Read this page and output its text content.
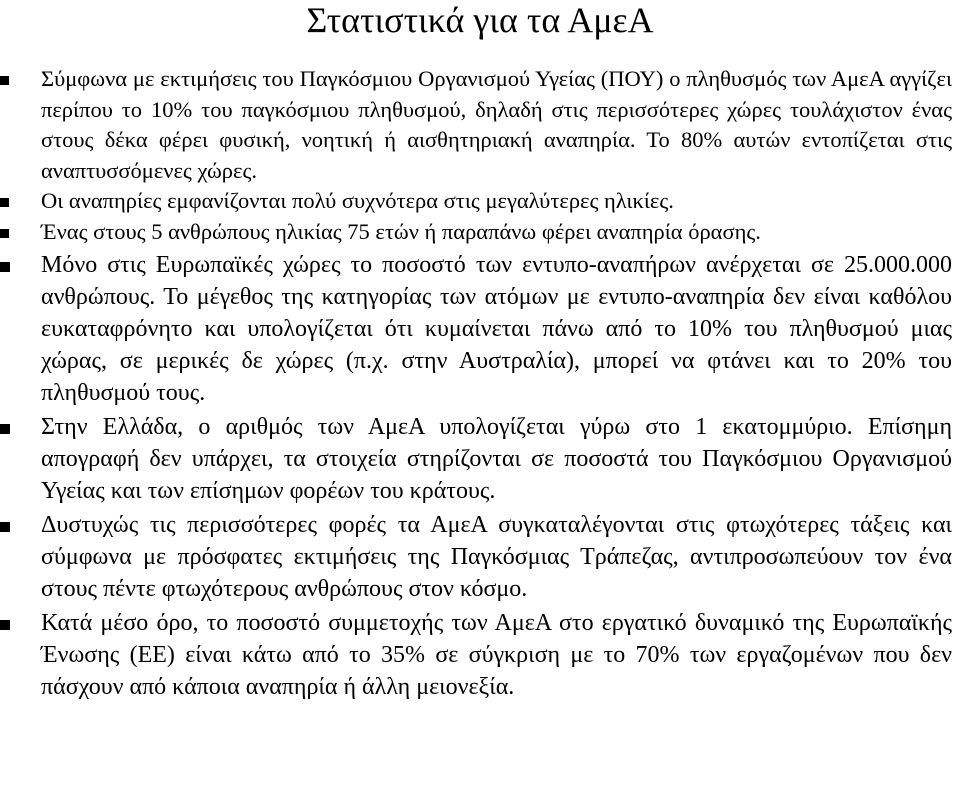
Στατιστικά για τα ΑμεΑ
Σύμφωνα με εκτιμήσεις του Παγκόσμιου Οργανισμού Υγείας (ΠΟΥ) ο πληθυσμός των ΑμεΑ αγγίζει περίπου το 10% του παγκόσμιου πληθυσμού, δηλαδή στις περισσότερες χώρες τουλάχιστον ένας στους δέκα φέρει φυσική, νοητική ή αισθητηριακή αναπηρία. Το 80% αυτών εντοπίζεται στις αναπτυσσόμενες χώρες.
Οι αναπηρίες εμφανίζονται πολύ συχνότερα στις μεγαλύτερες ηλικίες.
Ένας στους 5 ανθρώπους ηλικίας 75 ετών ή παραπάνω φέρει αναπηρία όρασης.
Μόνο στις Ευρωπαϊκές χώρες το ποσοστό των εντυπο-αναπήρων ανέρχεται σε 25.000.000 ανθρώπους. Το μέγεθος της κατηγορίας των ατόμων με εντυπο-αναπηρία δεν είναι καθόλου ευκαταφρόνητο και υπολογίζεται ότι κυμαίνεται πάνω από το 10% του πληθυσμού μιας χώρας, σε μερικές δε χώρες (π.χ. στην Αυστραλία), μπορεί να φτάνει και το 20% του πληθυσμού τους.
Στην Ελλάδα, ο αριθμός των ΑμεΑ υπολογίζεται γύρω στο 1 εκατομμύριο. Επίσημη απογραφή δεν υπάρχει, τα στοιχεία στηρίζονται σε ποσοστά του Παγκόσμιου Οργανισμού Υγείας και των επίσημων φορέων του κράτους.
Δυστυχώς τις περισσότερες φορές τα ΑμεΑ συγκαταλέγονται στις φτωχότερες τάξεις και σύμφωνα με πρόσφατες εκτιμήσεις της Παγκόσμιας Τράπεζας, αντιπροσωπεύουν τον ένα στους πέντε φτωχότερους ανθρώπους στον κόσμο.
Κατά μέσο όρο, το ποσοστό συμμετοχής των ΑμεΑ στο εργατικό δυναμικό της Ευρωπαϊκής Ένωσης (ΕΕ) είναι κάτω από το 35% σε σύγκριση με το 70% των εργαζομένων που δεν πάσχουν από κάποια αναπηρία ή άλλη μειονεξία.
